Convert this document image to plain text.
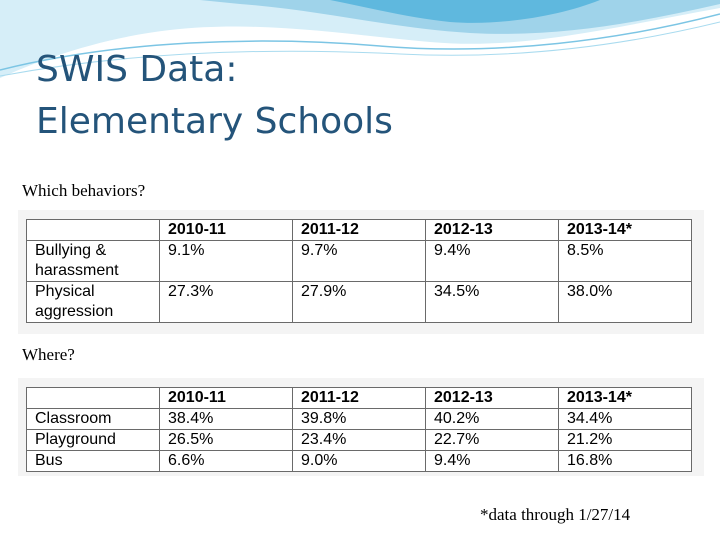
SWIS Data:
Elementary Schools
Which behaviors?
	2010-11	2011-12	2012-13	2013-14*
Bullying & harassment	9.1%	9.7%	9.4%	8.5%
Physical aggression	27.3%	27.9%	34.5%	38.0%
Where?
	2010-11	2011-12	2012-13	2013-14*
Classroom	38.4%	39.8%	40.2%	34.4%
Playground	26.5%	23.4%	22.7%	21.2%
Bus	6.6%	9.0%	9.4%	16.8%
*data through 1/27/14
